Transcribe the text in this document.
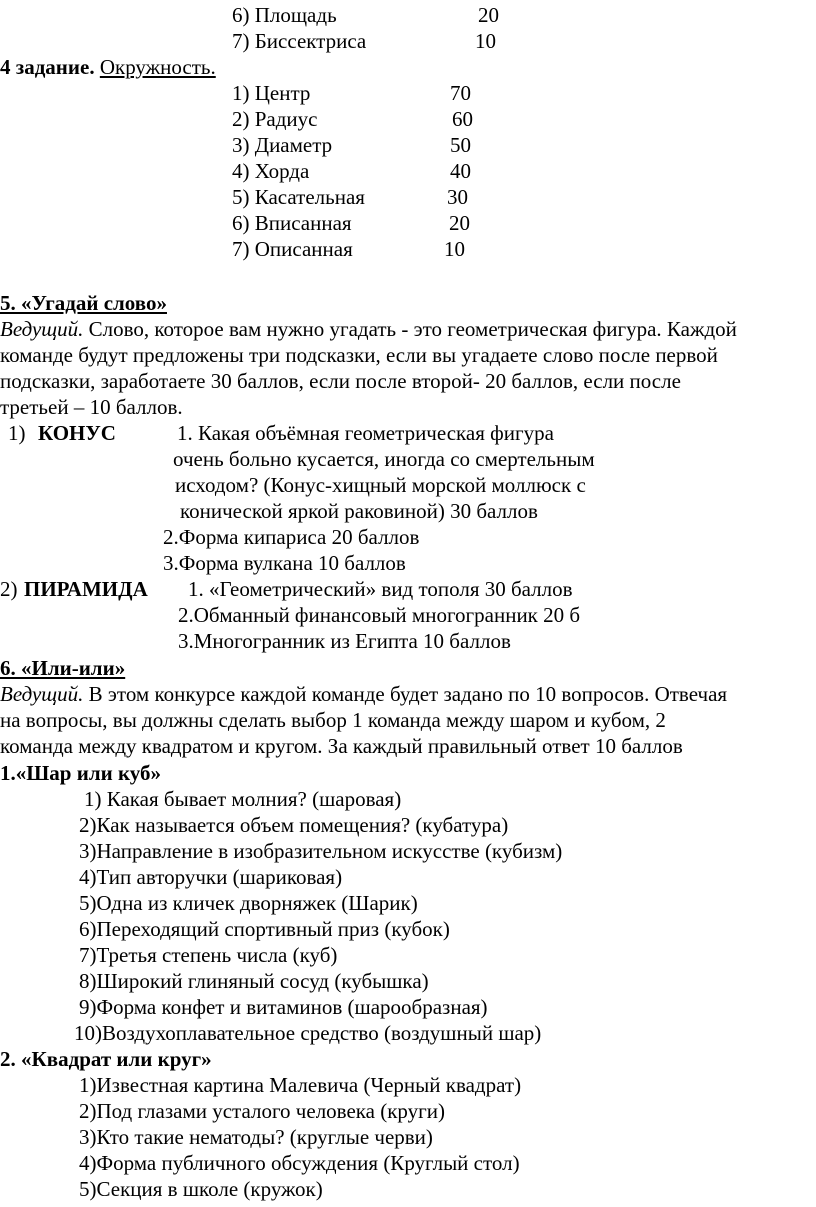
6) Площадь	20
7) Биссектриса	10
4 задание. Окружность.
1) Центр	70
2) Радиус	60
3) Диаметр	50
4) Хорда	40
5) Касательная	30
6) Вписанная	20
7) Описанная	10
5. «Угадай слово»
Ведущий. Слово, которое вам нужно угадать - это геометрическая фигура. Каждой
команде будут предложены три подсказки, если вы угадаете слово после первой
подсказки, заработаете 30 баллов, если после второй- 20 баллов, если после
третьей – 10 баллов.
1) КОНУС	1. Какая объёмная геометрическая фигура
очень больно кусается, иногда со смертельным
исходом? (Конус-хищный морской моллюск с
конической яркой раковиной) 30 баллов
2.Форма кипариса 20 баллов
3.Форма вулкана 10 баллов
2) ПИРАМИДА 1. «Геометрический» вид тополя 30 баллов
2.Обманный финансовый многогранник 20 б
3.Многогранник из Египта 10 баллов
6. «Или-или»
Ведущий. В этом конкурсе каждой команде будет задано по 10 вопросов. Отвечая
на вопросы, вы должны сделать выбор 1 команда между шаром и кубом, 2
команда между квадратом и кругом. За каждый правильный ответ 10 баллов
1.«Шар или куб»
1) Какая бывает молния? (шаровая)
2)Как называется объем помещения? (кубатура)
3)Направление в изобразительном искусстве (кубизм)
4)Тип авторучки (шариковая)
5)Одна из кличек дворняжек (Шарик)
6)Переходящий спортивный приз (кубок)
7)Третья степень числа (куб)
8)Широкий глиняный сосуд (кубышка)
9)Форма конфет и витаминов (шарообразная)
10)Воздухоплавательное средство (воздушный шар)
2. «Квадрат или круг»
1)Известная картина Малевича (Черный квадрат)
2)Под глазами усталого человека (круги)
3)Кто такие нематоды? (круглые черви)
4)Форма публичного обсуждения (Круглый стол)
5)Секция в школе (кружок)
